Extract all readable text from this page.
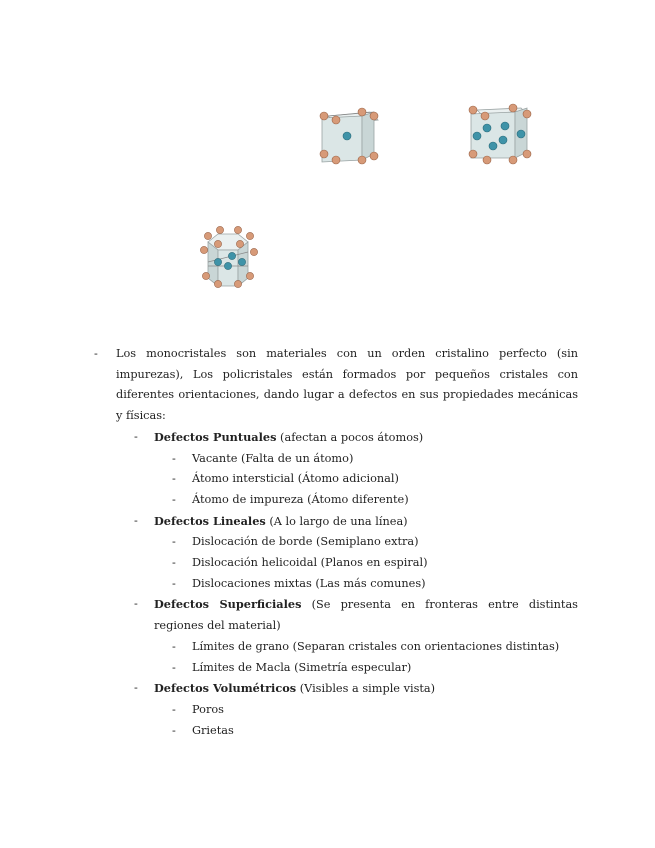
- Los monocristales son materiales con un orden cristalino perfecto (sin impurezas), Los policristales están formados por pequeños cristales con diferentes orientaciones, dando lugar a defectos en sus propiedades mecánicas y físicas:
- Defectos Puntuales (afectan a pocos átomos)
- Vacante (Falta de un átomo)
- Átomo intersticial (Átomo adicional)
- Átomo de impureza (Átomo diferente)
- Defectos Lineales (A lo largo de una línea)
- Dislocación de borde (Semiplano extra)
- Dislocación helicoidal (Planos en espiral)
- Dislocaciones mixtas (Las más comunes)
- Defectos Superficiales (Se presenta en fronteras entre distintas regiones del material)
- Límites de grano (Separan cristales con orientaciones distintas)
- Límites de Macla (Simetría especular)
- Defectos Volumétricos (Visibles a simple vista)
- Poros
- Grietas
